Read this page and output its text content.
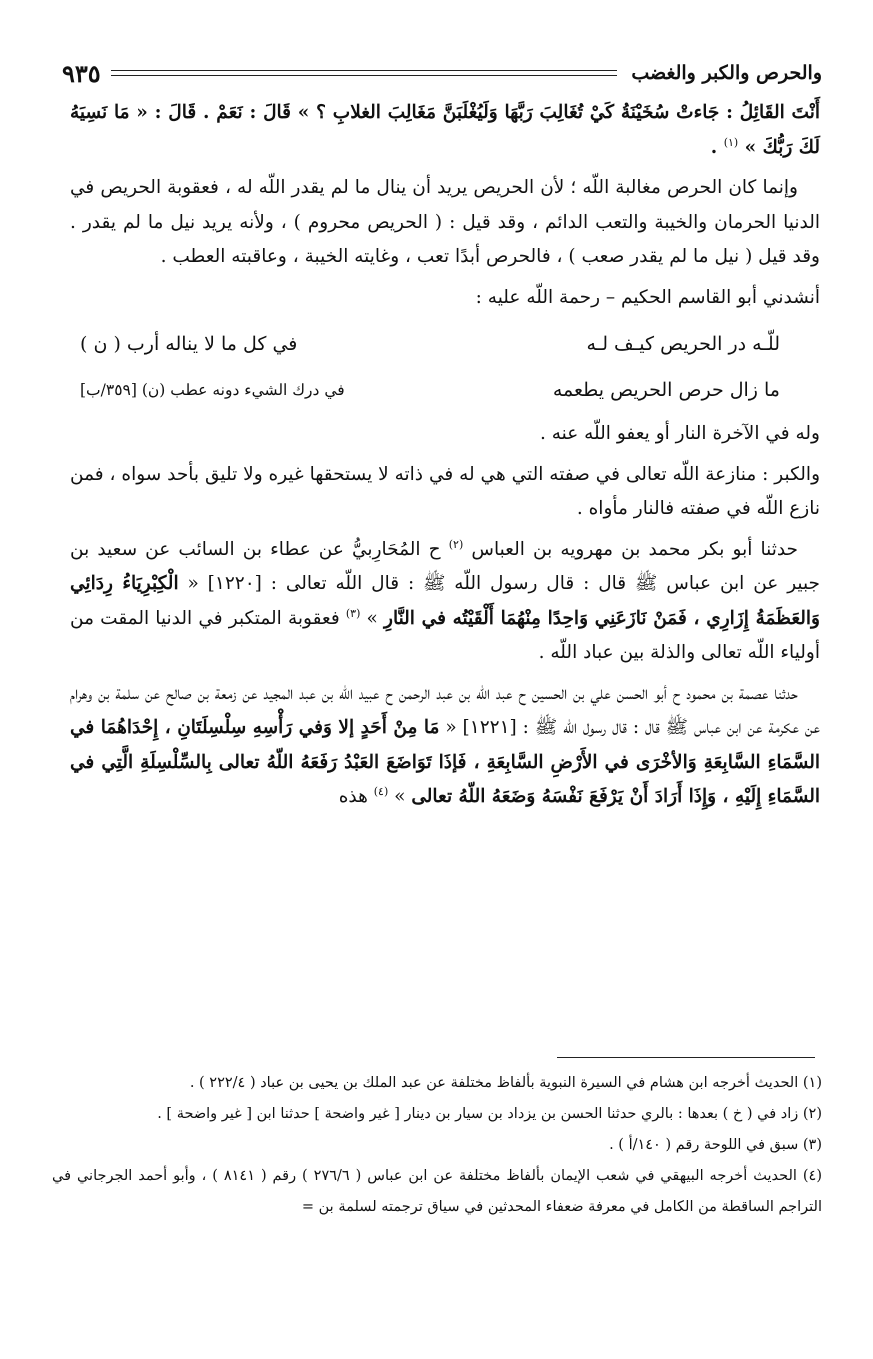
والحرص والكبر والغضب
٩٣٥

أَنْتَ القَائِلُ : جَاءتْ سُخَيْنَةُ كَيْ تُغَالِبَ رَبَّهَا وَلَيُغْلَبَنَّ مَغَالِبَ الغلابِ ؟ » قَالَ : نَعَمْ . قَالَ : « مَا نَسِيَهُ لَكَ رَبُّكَ » $^{(١)}$ .

وإنما كان الحرص مغالبة اللّه ؛ لأن الحريص يريد أن ينال ما لم يقدر اللّه له ، فعقوبة الحريص في الدنيا الحرمان والخيبة والتعب الدائم ، وقد قيل : ( الحريص محروم ) ، ولأنه يريد نيل ما لم يقدر . وقد قيل ( نيل ما لم يقدر صعب ) ، فالحرص أبدًا تعب ، وغايته الخيبة ، وعاقبته العطب .

أنشدني أبو القاسم الحكيم – رحمة اللّه عليه :

للّـه در الحريص كيـف لـه
في كل ما لا يناله أرب ( ن )
ما زال حرص الحريص يطعمه
في درك الشيء دونه عطب (ن) [٣٥٩/ب]

وله في الآخرة النار أو يعفو اللّه عنه .

والكبر : منازعة اللّه تعالى في صفته التي هي له في ذاته لا يستحقها غيره ولا تليق بأحد سواه ، فمن نازع اللّه في صفته فالنار مأواه .

حدثنا أبو بكر محمد بن مهرويه بن العباس $^{(٢)}$ ح المُحَارِبيُّ عن عطاء بن السائب عن سعيد بن جبير عن ابن عباس ﷺ قال : قال رسول اللّه ﷺ : قال اللّه تعالى : [١٢٢٠] « الْكِبْرِيَاءُ رِدَائِي وَالعَظَمَةُ إِزَارِي ، فَمَنْ نَازَعَنِي وَاحِدًا مِنْهُمَا أَلْقَيْتُه في النَّارِ » $^{(٣)}$ فعقوبة المتكبر في الدنيا المقت من أولياء اللّه تعالى والذلة بين عباد اللّه .

حدثنا عصمة بن محمود ح أبو الحسن علي بن الحسين ح عبد اللّه بن عبد الرحمن ح عبيد اللّه بن عبد المجيد عن زمعة بن صالح عن سلمة بن وهرام عن عكرمة عن ابن عباس ﷺ قال : قال رسول اللّه ﷺ : [١٢٢١] « مَا مِنْ أَحَدٍ إلا وَفي رَأْسِهِ سِلْسِلَتَانِ ، إِحْدَاهُمَا في السَّمَاءِ السَّابِعَةِ وَالأخْرَى في الأَرْضِ السَّابِعَةِ ، فَإذَا تَوَاضَعَ العَبْدُ رَفَعَهُ اللّهُ تعالى بِالسِّلْسِلَةِ الَّتِي في السَّمَاءِ إِلَيْهِ ، وَإِذَا أَرَادَ أَنْ يَرْفَعَ نَفْسَهُ وَضَعَهُ اللّهُ تعالى » $^{(٤)}$ هذه

(١) الحديث أخرجه ابن هشام في السيرة النبوية بألفاظ مختلفة عن عبد الملك بن يحيى بن عباد ( ٢٢٢/٤ ) .

(٢) زاد في ( خ ) بعدها : بالري حدثنا الحسن بن يزداد بن سيار بن دينار [ غير واضحة ] حدثنا ابن [ غير واضحة ] .

(٣) سبق في اللوحة رقم ( ١٤٠/أ ) .

(٤) الحديث أخرجه البيهقي في شعب الإيمان بألفاظ مختلفة عن ابن عباس ( ٢٧٦/٦ ) رقم ( ٨١٤١ ) ، وأبو أحمد الجرجاني في التراجم الساقطة من الكامل في معرفة ضعفاء المحدثين في سياق ترجمته لسلمة بن =
